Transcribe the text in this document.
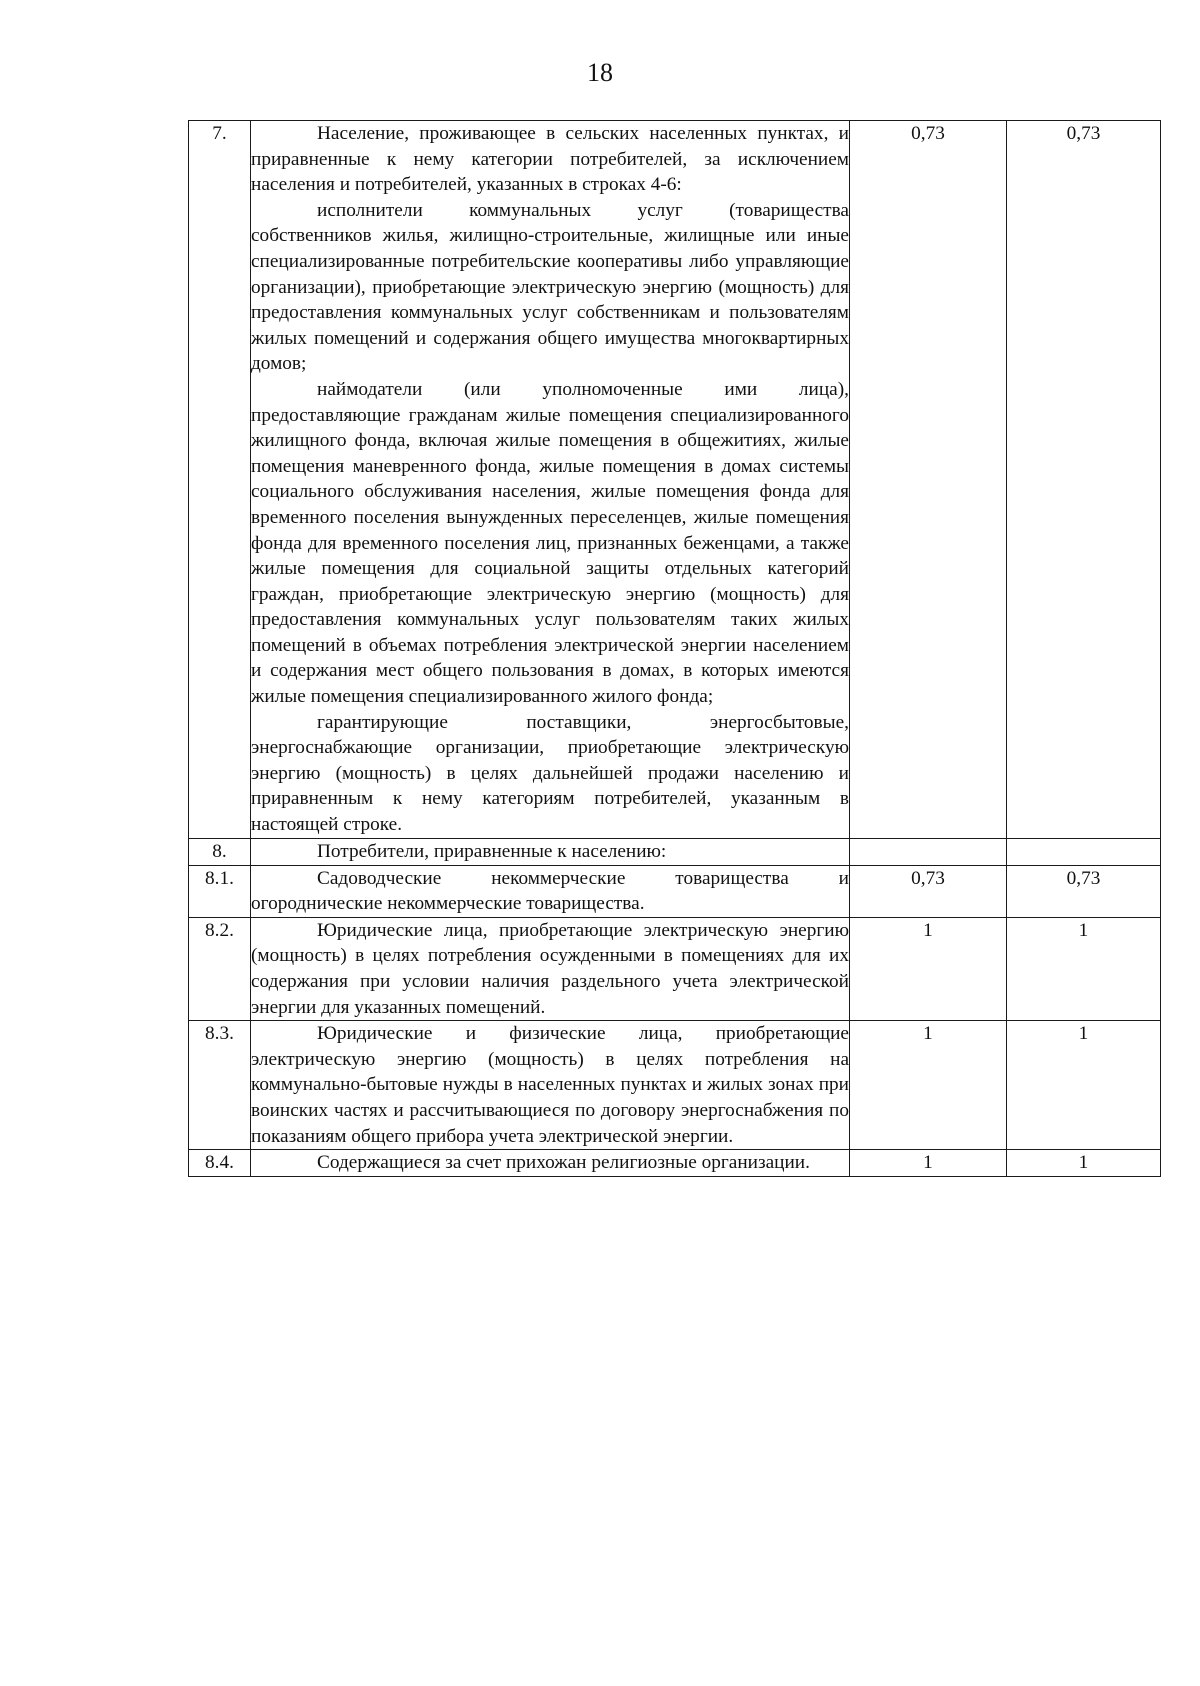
18
7.	Население, проживающее в сельских населенных пунктах, и приравненные к нему категории потребителей, за исключением населения и потребителей, указанных в строках 4-6:

исполнители коммунальных услуг (товарищества собственников жилья, жилищно-строительные, жилищные или иные специализированные потребительские кооперативы либо управляющие организации), приобретающие электрическую энергию (мощность) для предоставления коммунальных услуг собственникам и пользователям жилых помещений и содержания общего имущества многоквартирных домов;

наймодатели (или уполномоченные ими лица), предоставляющие гражданам жилые помещения специализированного жилищного фонда, включая жилые помещения в общежитиях, жилые помещения маневренного фонда, жилые помещения в домах системы социального обслуживания населения, жилые помещения фонда для временного поселения вынужденных переселенцев, жилые помещения фонда для временного поселения лиц, признанных беженцами, а также жилые помещения для социальной защиты отдельных категорий граждан, приобретающие электрическую энергию (мощность) для предоставления коммунальных услуг пользователям таких жилых помещений в объемах потребления электрической энергии населением и содержания мест общего пользования в домах, в которых имеются жилые помещения специализированного жилого фонда;

гарантирующие поставщики, энергосбытовые, энергоснабжающие организации, приобретающие электрическую энергию (мощность) в целях дальнейшей продажи населению и приравненным к нему категориям потребителей, указанным в настоящей строке.	0,73	0,73
8.	Потребители, приравненные к населению:		

8.1.	Садоводческие некоммерческие товарищества и огороднические некоммерческие товарищества.	0,73	0,73
8.2.	Юридические лица, приобретающие электрическую энергию (мощность) в целях потребления осужденными в помещениях для их содержания при условии наличия раздельного учета электрической энергии для указанных помещений.	1	1
8.3.	Юридические и физические лица, приобретающие электрическую энергию (мощность) в целях потребления на коммунально-бытовые нужды в населенных пунктах и жилых зонах при воинских частях и рассчитывающиеся по договору энергоснабжения по показаниям общего прибора учета электрической энергии.	1	1
8.4.	Содержащиеся за счет прихожан религиозные организации.	1	1
